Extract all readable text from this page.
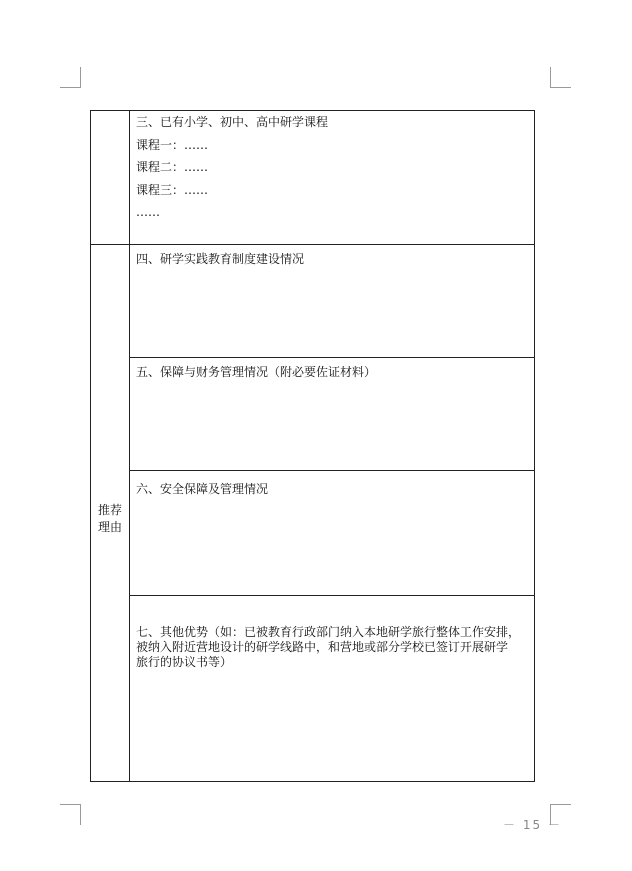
推荐
理由
三、已有小学、初中、高中研学课程
课程一：……
课程二：……
课程三：……
……
四、研学实践教育制度建设情况
五、保障与财务管理情况（附必要佐证材料）
六、安全保障及管理情况
七、其他优势（如：已被教育行政部门纳入本地研学旅行整体工作安排，
被纳入附近营地设计的研学线路中，和营地或部分学校已签订开展研学
旅行的协议书等）
－ 15 －
